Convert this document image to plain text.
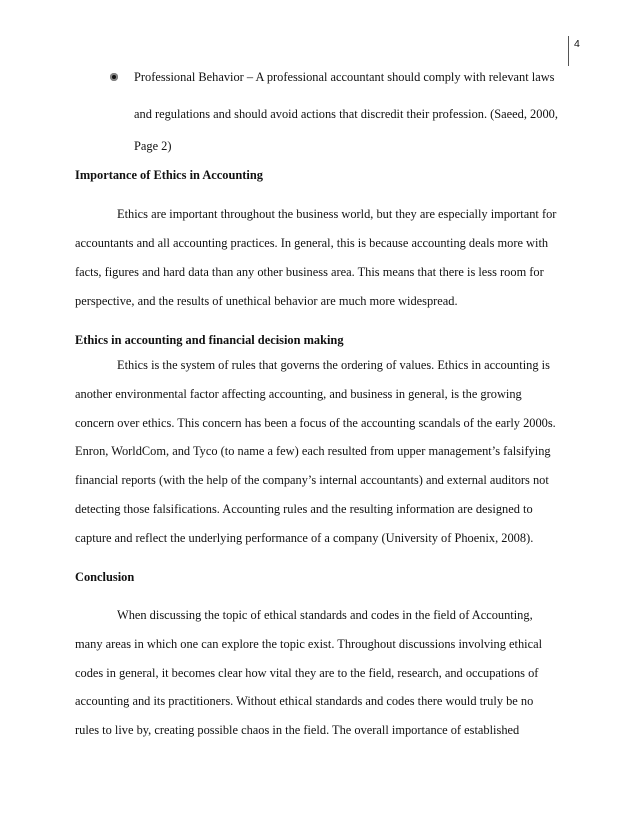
4
Professional Behavior – A professional accountant should comply with relevant laws
and regulations and should avoid actions that discredit their profession. (Saeed, 2000,
Page 2)
Importance of Ethics in Accounting
Ethics are important throughout the business world, but they are especially important for
accountants and all accounting practices. In general, this is because accounting deals more with
facts, figures and hard data than any other business area. This means that there is less room for
perspective, and the results of unethical behavior are much more widespread.
Ethics in accounting and financial decision making
Ethics is the system of rules that governs the ordering of values. Ethics in accounting is
another environmental factor affecting accounting, and business in general, is the growing
concern over ethics. This concern has been a focus of the accounting scandals of the early 2000s.
Enron, WorldCom, and Tyco (to name a few) each resulted from upper management’s falsifying
financial reports (with the help of the company’s internal accountants) and external auditors not
detecting those falsifications. Accounting rules and the resulting information are designed to
capture and reflect the underlying performance of a company (University of Phoenix, 2008).
Conclusion
When discussing the topic of ethical standards and codes in the field of Accounting,
many areas in which one can explore the topic exist. Throughout discussions involving ethical
codes in general, it becomes clear how vital they are to the field, research, and occupations of
accounting and its practitioners. Without ethical standards and codes there would truly be no
rules to live by, creating possible chaos in the field. The overall importance of established
